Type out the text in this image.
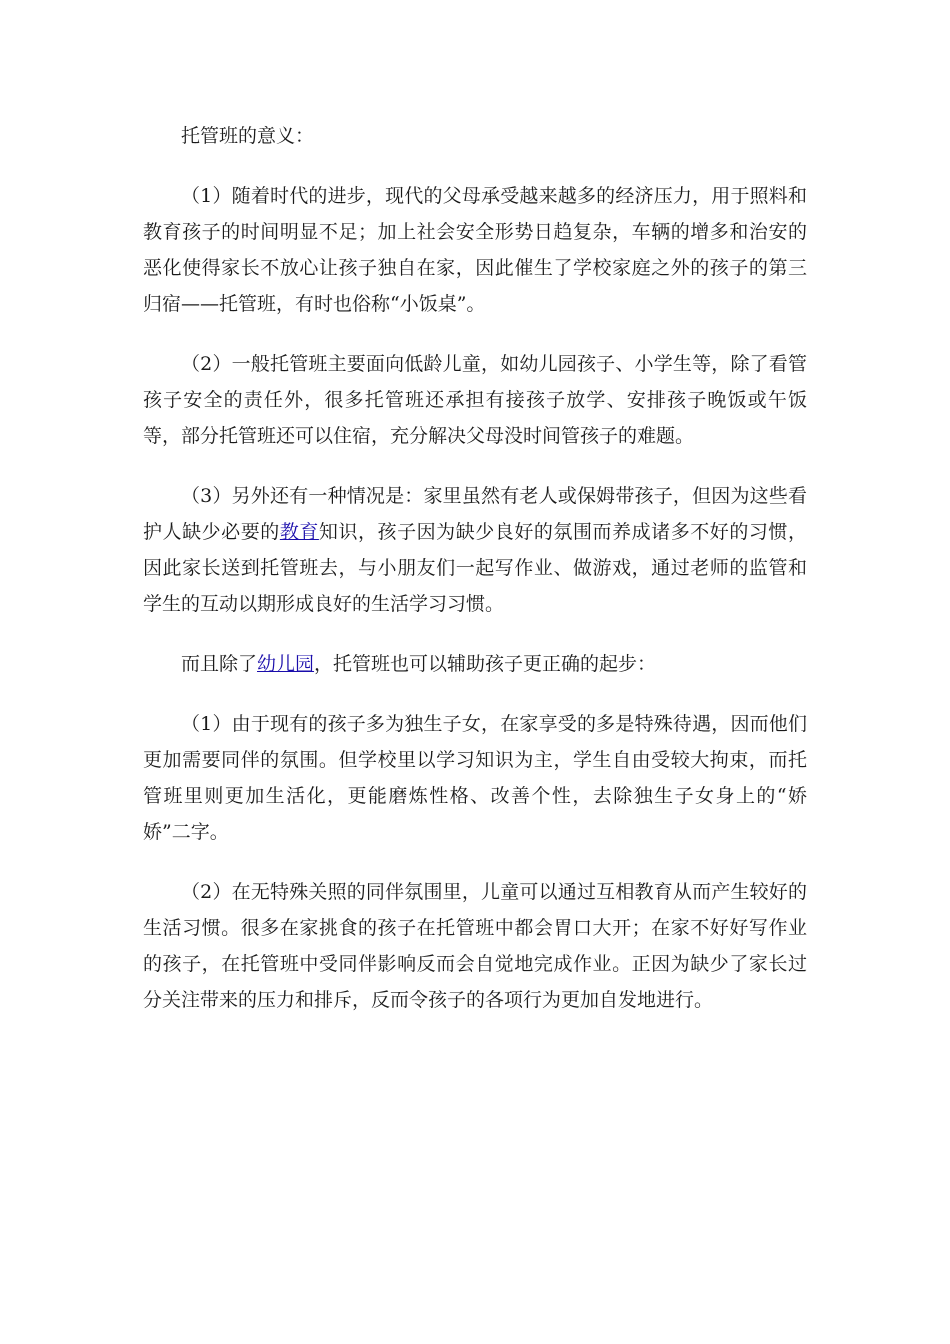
托管班的意义：

（1）随着时代的进步，现代的父母承受越来越多的经济压力，用于照料和教育孩子的时间明显不足；加上社会安全形势日趋复杂，车辆的增多和治安的恶化使得家长不放心让孩子独自在家，因此催生了学校家庭之外的孩子的第三归宿——托管班，有时也俗称“小饭桌”。

（2）一般托管班主要面向低龄儿童，如幼儿园孩子、小学生等，除了看管孩子安全的责任外，很多托管班还承担有接孩子放学、安排孩子晚饭或午饭等，部分托管班还可以住宿，充分解决父母没时间管孩子的难题。

（3）另外还有一种情况是：家里虽然有老人或保姆带孩子，但因为这些看护人缺少必要的教育知识，孩子因为缺少良好的氛围而养成诸多不好的习惯，因此家长送到托管班去，与小朋友们一起写作业、做游戏，通过老师的监管和学生的互动以期形成良好的生活学习习惯。

而且除了幼儿园，托管班也可以辅助孩子更正确的起步：

（1）由于现有的孩子多为独生子女，在家享受的多是特殊待遇，因而他们更加需要同伴的氛围。但学校里以学习知识为主，学生自由受较大拘束，而托管班里则更加生活化，更能磨炼性格、改善个性，去除独生子女身上的“娇娇”二字。

（2）在无特殊关照的同伴氛围里，儿童可以通过互相教育从而产生较好的生活习惯。很多在家挑食的孩子在托管班中都会胃口大开；在家不好好写作业的孩子，在托管班中受同伴影响反而会自觉地完成作业。正因为缺少了家长过分关注带来的压力和排斥，反而令孩子的各项行为更加自发地进行。
